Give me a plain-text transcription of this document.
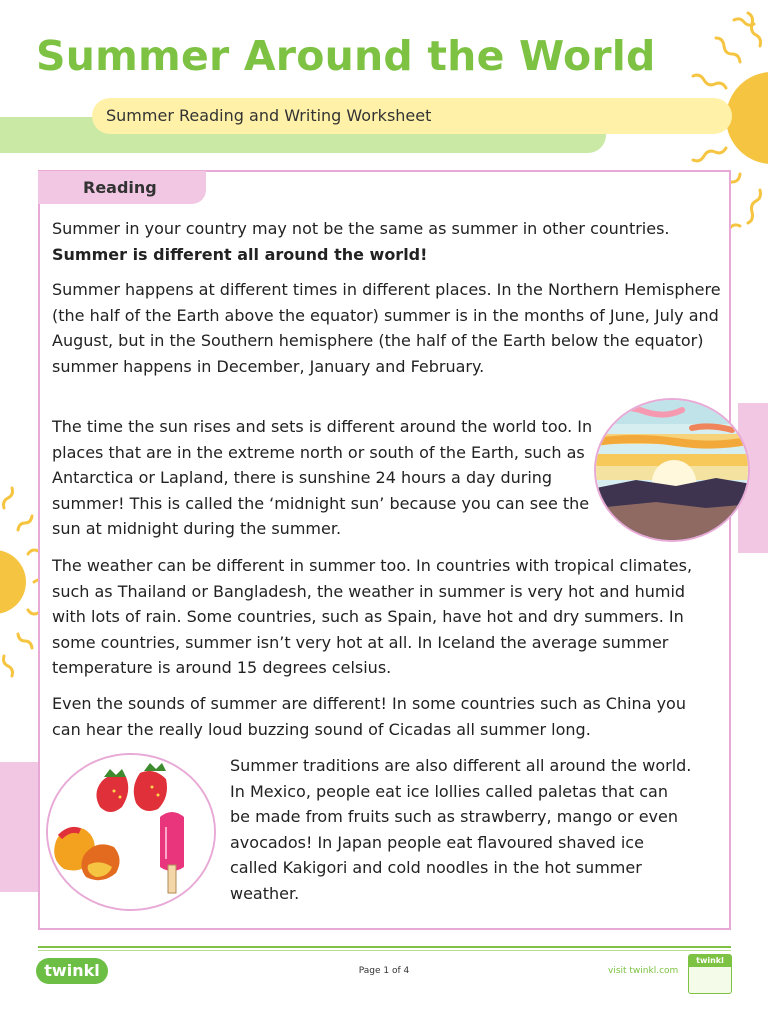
Summer Around the World
Summer Reading and Writing Worksheet
Reading
Summer in your country may not be the same as summer in other countries. Summer is different all around the world!
Summer happens at different times in different places. In the Northern Hemisphere (the half of the Earth above the equator) summer is in the months of June, July and August, but in the Southern hemisphere (the half of the Earth below the equator) summer happens in December, January and February.
The time the sun rises and sets is different around the world too. In places that are in the extreme north or south of the Earth, such as Antarctica or Lapland, there is sunshine 24 hours a day during summer! This is called the ‘midnight sun’ because you can see the sun at midnight during the summer.
The weather can be different in summer too. In countries with tropical climates, such as Thailand or Bangladesh, the weather in summer is very hot and humid with lots of rain. Some countries, such as Spain, have hot and dry summers. In some countries, summer isn’t very hot at all. In Iceland the average summer temperature is around 15 degrees celsius.
Even the sounds of summer are different! In some countries such as China you can hear the really loud buzzing sound of Cicadas all summer long.
Summer traditions are also different all around the world. In Mexico, people eat ice lollies called paletas that can be made from fruits such as strawberry, mango or even avocados! In Japan people eat flavoured shaved ice called Kakigori and cold noodles in the hot summer weather.
twinkl	Page 1 of 4	visit twinkl.com
twinkl
